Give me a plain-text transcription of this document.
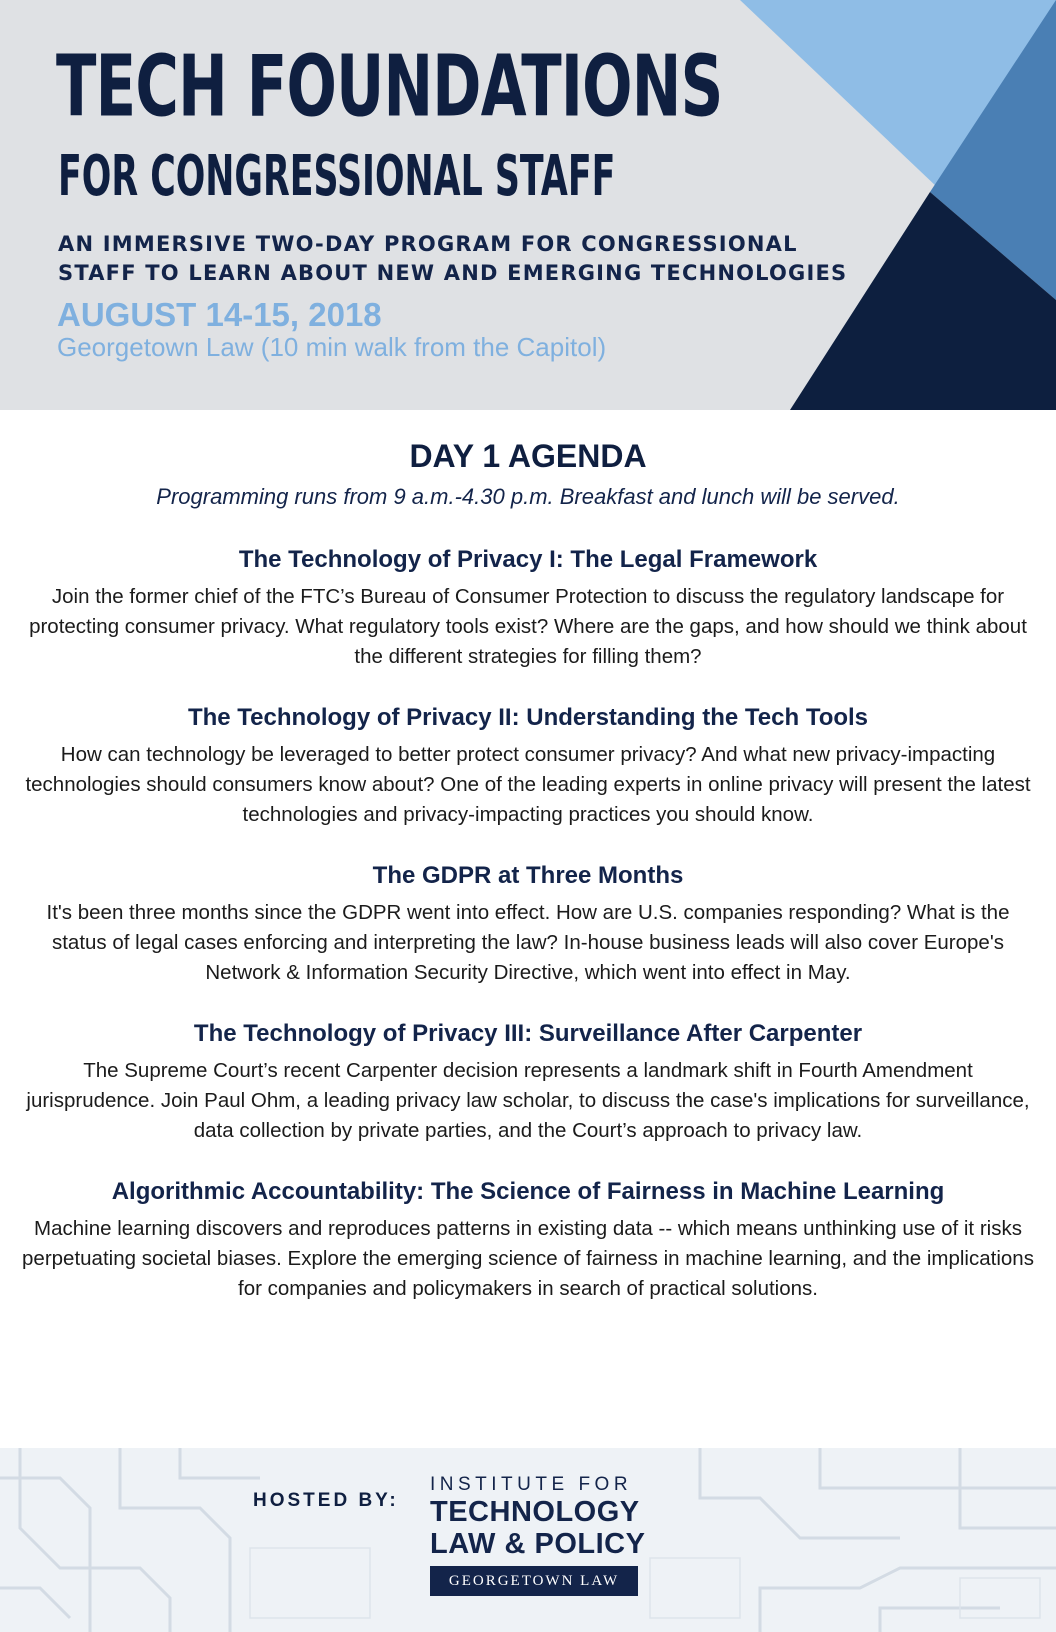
TECH FOUNDATIONS
FOR CONGRESSIONAL STAFF

AN IMMERSIVE TWO-DAY PROGRAM FOR CONGRESSIONAL STAFF TO LEARN ABOUT NEW AND EMERGING TECHNOLOGIES

AUGUST 14-15, 2018

Georgetown Law (10 min walk from the Capitol)

DAY 1 AGENDA

Programming runs from 9 a.m.-4.30 p.m. Breakfast and lunch will be served.

The Technology of Privacy I: The Legal Framework

Join the former chief of the FTC’s Bureau of Consumer Protection to discuss the regulatory landscape for protecting consumer privacy. What regulatory tools exist? Where are the gaps, and how should we think about the different strategies for filling them?

The Technology of Privacy II: Understanding the Tech Tools

How can technology be leveraged to better protect consumer privacy? And what new privacy-impacting technologies should consumers know about? One of the leading experts in online privacy will present the latest technologies and privacy-impacting practices you should know.

The GDPR at Three Months

It's been three months since the GDPR went into effect. How are U.S. companies responding? What is the status of legal cases enforcing and interpreting the law? In-house business leads will also cover Europe's Network & Information Security Directive, which went into effect in May.

The Technology of Privacy III: Surveillance After Carpenter

The Supreme Court’s recent Carpenter decision represents a landmark shift in Fourth Amendment jurisprudence. Join Paul Ohm, a leading privacy law scholar, to discuss the case's implications for surveillance, data collection by private parties, and the Court’s approach to privacy law.

Algorithmic Accountability: The Science of Fairness in Machine Learning

Machine learning discovers and reproduces patterns in existing data -- which means unthinking use of it risks perpetuating societal biases. Explore the emerging science of fairness in machine learning, and the implications for companies and policymakers in search of practical solutions.

HOSTED BY:

INSTITUTE FOR

TECHNOLOGY

LAW & POLICY

GEORGETOWN LAW
